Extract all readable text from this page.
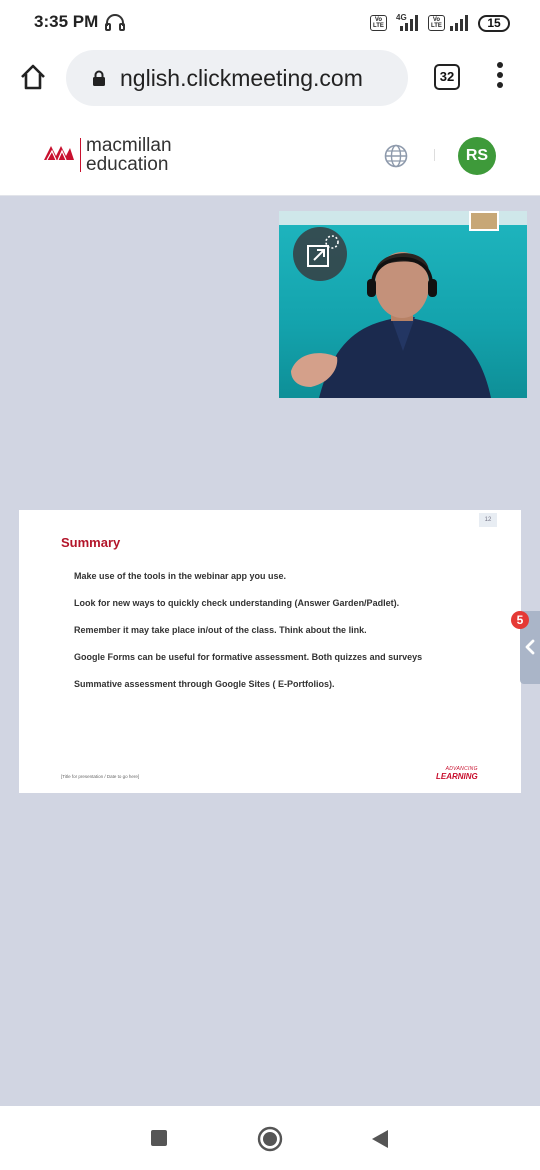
3:35 PM	4G
Vo
LTE
Vo
LTE	15
nglish.clickmeeting.com	32
macmillan
education	RS
12
Summary
Make use of the tools in the webinar app you use.
Look for new ways to quickly check understanding (Answer Garden/Padlet).
Remember it may take place in/out of the class. Think about the link.
Google Forms can be useful for formative assessment. Both quizzes and surveys
Summative assessment through Google Sites ( E-Portfolios).
[Title for presentation / Date to go here]
ADVANCING
LEARNING
5
